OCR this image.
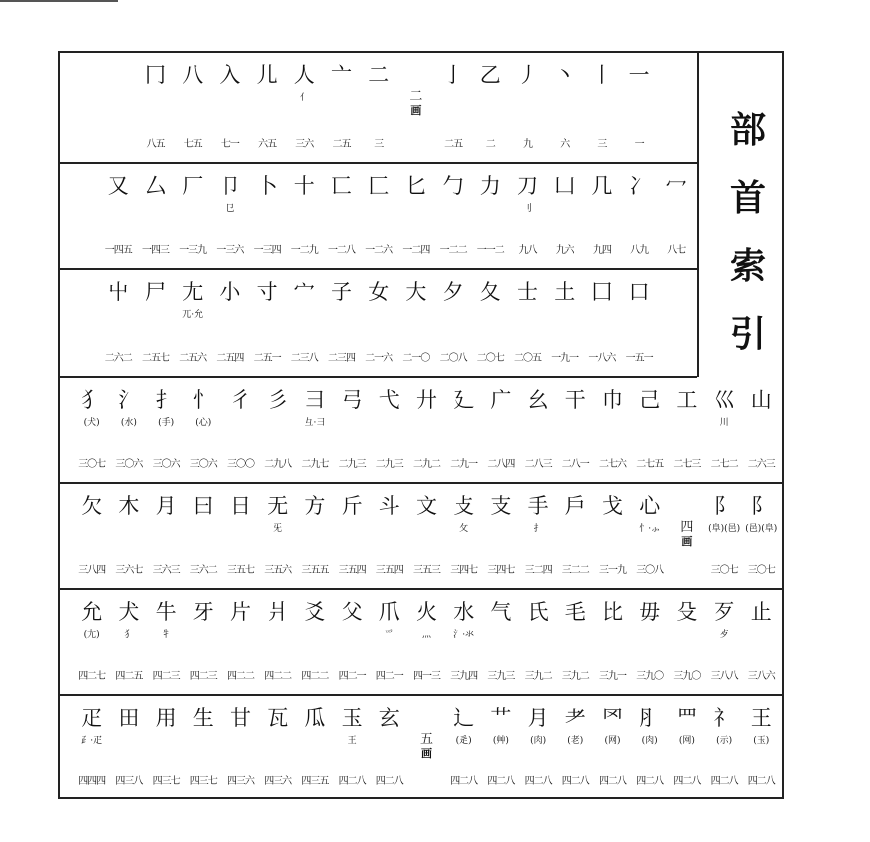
部
首
索
引
一
一
丨
三
丶
六
丿
九
乙
二
亅
二五
二
画
二
三
亠
二五
人
亻
三六
儿
六五
入
七一
八
七五
冂
八五
冖
八七
冫
八九
几
九四
凵
九六
刀
刂
九八
力
一一二
勹
一二二
匕
一二四
匚
一二六
匸
一二八
十
一二九
卜
一三四
卩
㔾
一三六
厂
一三九
厶
一四三
又
一四五
口
一五一
囗
一八六
土
一九一
士
二〇五
夂
二〇七
夕
二〇八
大
二一〇
女
二一六
子
二三四
宀
二三八
寸
二五一
小
二五四
尢
兀·允
二五六
尸
二五七
屮
二六二
山
二六三
巛
川
二七二
工
二七三
己
二七五
巾
二七六
干
二八一
幺
二八三
广
二八四
廴
二九一
廾
二九二
弋
二九三
弓
二九三
彐
彑·彐
二九七
彡
二九八
彳
三〇〇
忄
(心)
三〇六
扌
(手)
三〇六
氵
(水)
三〇六
犭
(犬)
三〇七
阝
(邑)(阜)
三〇七
阝
(阜)(邑)
三〇七
四
画
心
忄·⺗
三〇八
戈
三一九
戶
三二二
手
扌
三二四
支
三四七
攴
攵
三四七
文
三五三
斗
三五四
斤
三五四
方
三五五
无
旡
三五六
日
三五七
曰
三六二
月
三六三
木
三六七
欠
三八四
止
三八六
歹
歺
三八八
殳
三九〇
毋
三九〇
比
三九一
毛
三九二
氏
三九二
气
三九三
水
氵·氺
三九四
火
灬
四一三
爪
爫
四二一
父
四二一
爻
四二二
爿
四二二
片
四二二
牙
四二三
牛
牜
四二三
犬
犭
四二五
允
(尢)
四二七
王
(玉)
四二八
礻
(示)
四二八
罒
(网)
四二八
⺼
(肉)
四二八
罓
(网)
四二八
耂
(老)
四二八
月
(肉)
四二八
艹
(艸)
四二八
辶
(辵)
四二八
五
画
玄
四二八
玉
王
四二八
瓜
四三五
瓦
四三六
甘
四三六
生
四三七
用
四三七
田
四三八
疋
⺪·疋
四四四
